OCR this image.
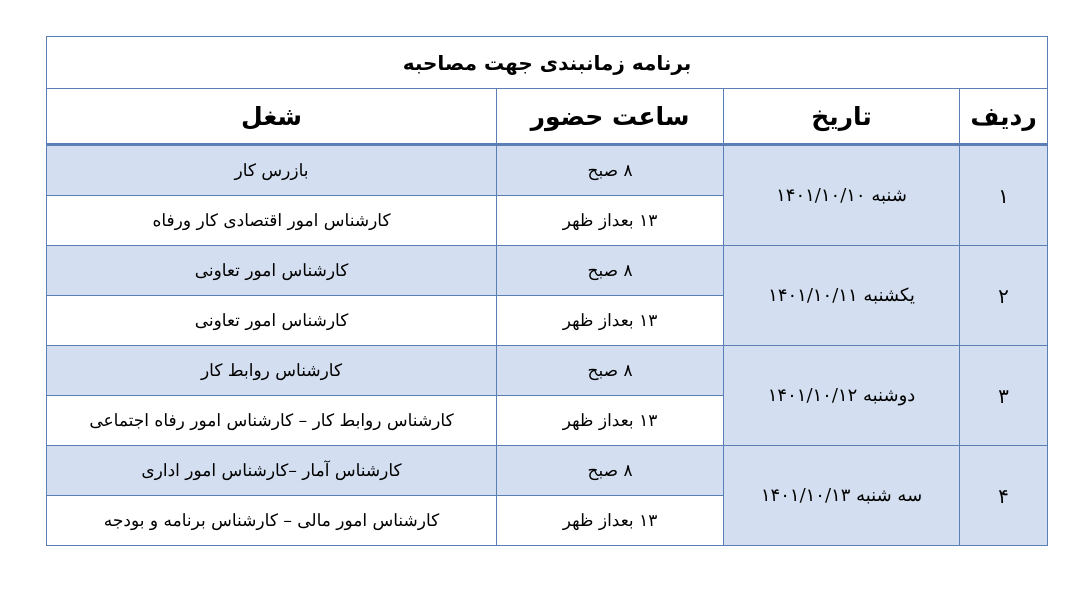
برنامه زمانبندی جهت مصاحبه			
ردیف	تاریخ	ساعت حضور	شغل
۱	شنبه ۱۴۰۱/۱۰/۱۰	۸ صبح	بازرس کار
		۱۳ بعداز ظهر	کارشناس امور اقتصادی کار ورفاه
۲	یکشنبه ۱۴۰۱/۱۰/۱۱	۸ صبح	کارشناس امور تعاونی
		۱۳ بعداز ظهر	کارشناس امور تعاونی
۳	دوشنبه ۱۴۰۱/۱۰/۱۲	۸ صبح	کارشناس روابط کار
		۱۳ بعداز ظهر	کارشناس روابط کار – کارشناس امور رفاه اجتماعی
۴	سه شنبه ۱۴۰۱/۱۰/۱۳	۸ صبح	کارشناس آمار –کارشناس امور اداری
		۱۳ بعداز ظهر	کارشناس امور مالی – کارشناس برنامه و بودجه
